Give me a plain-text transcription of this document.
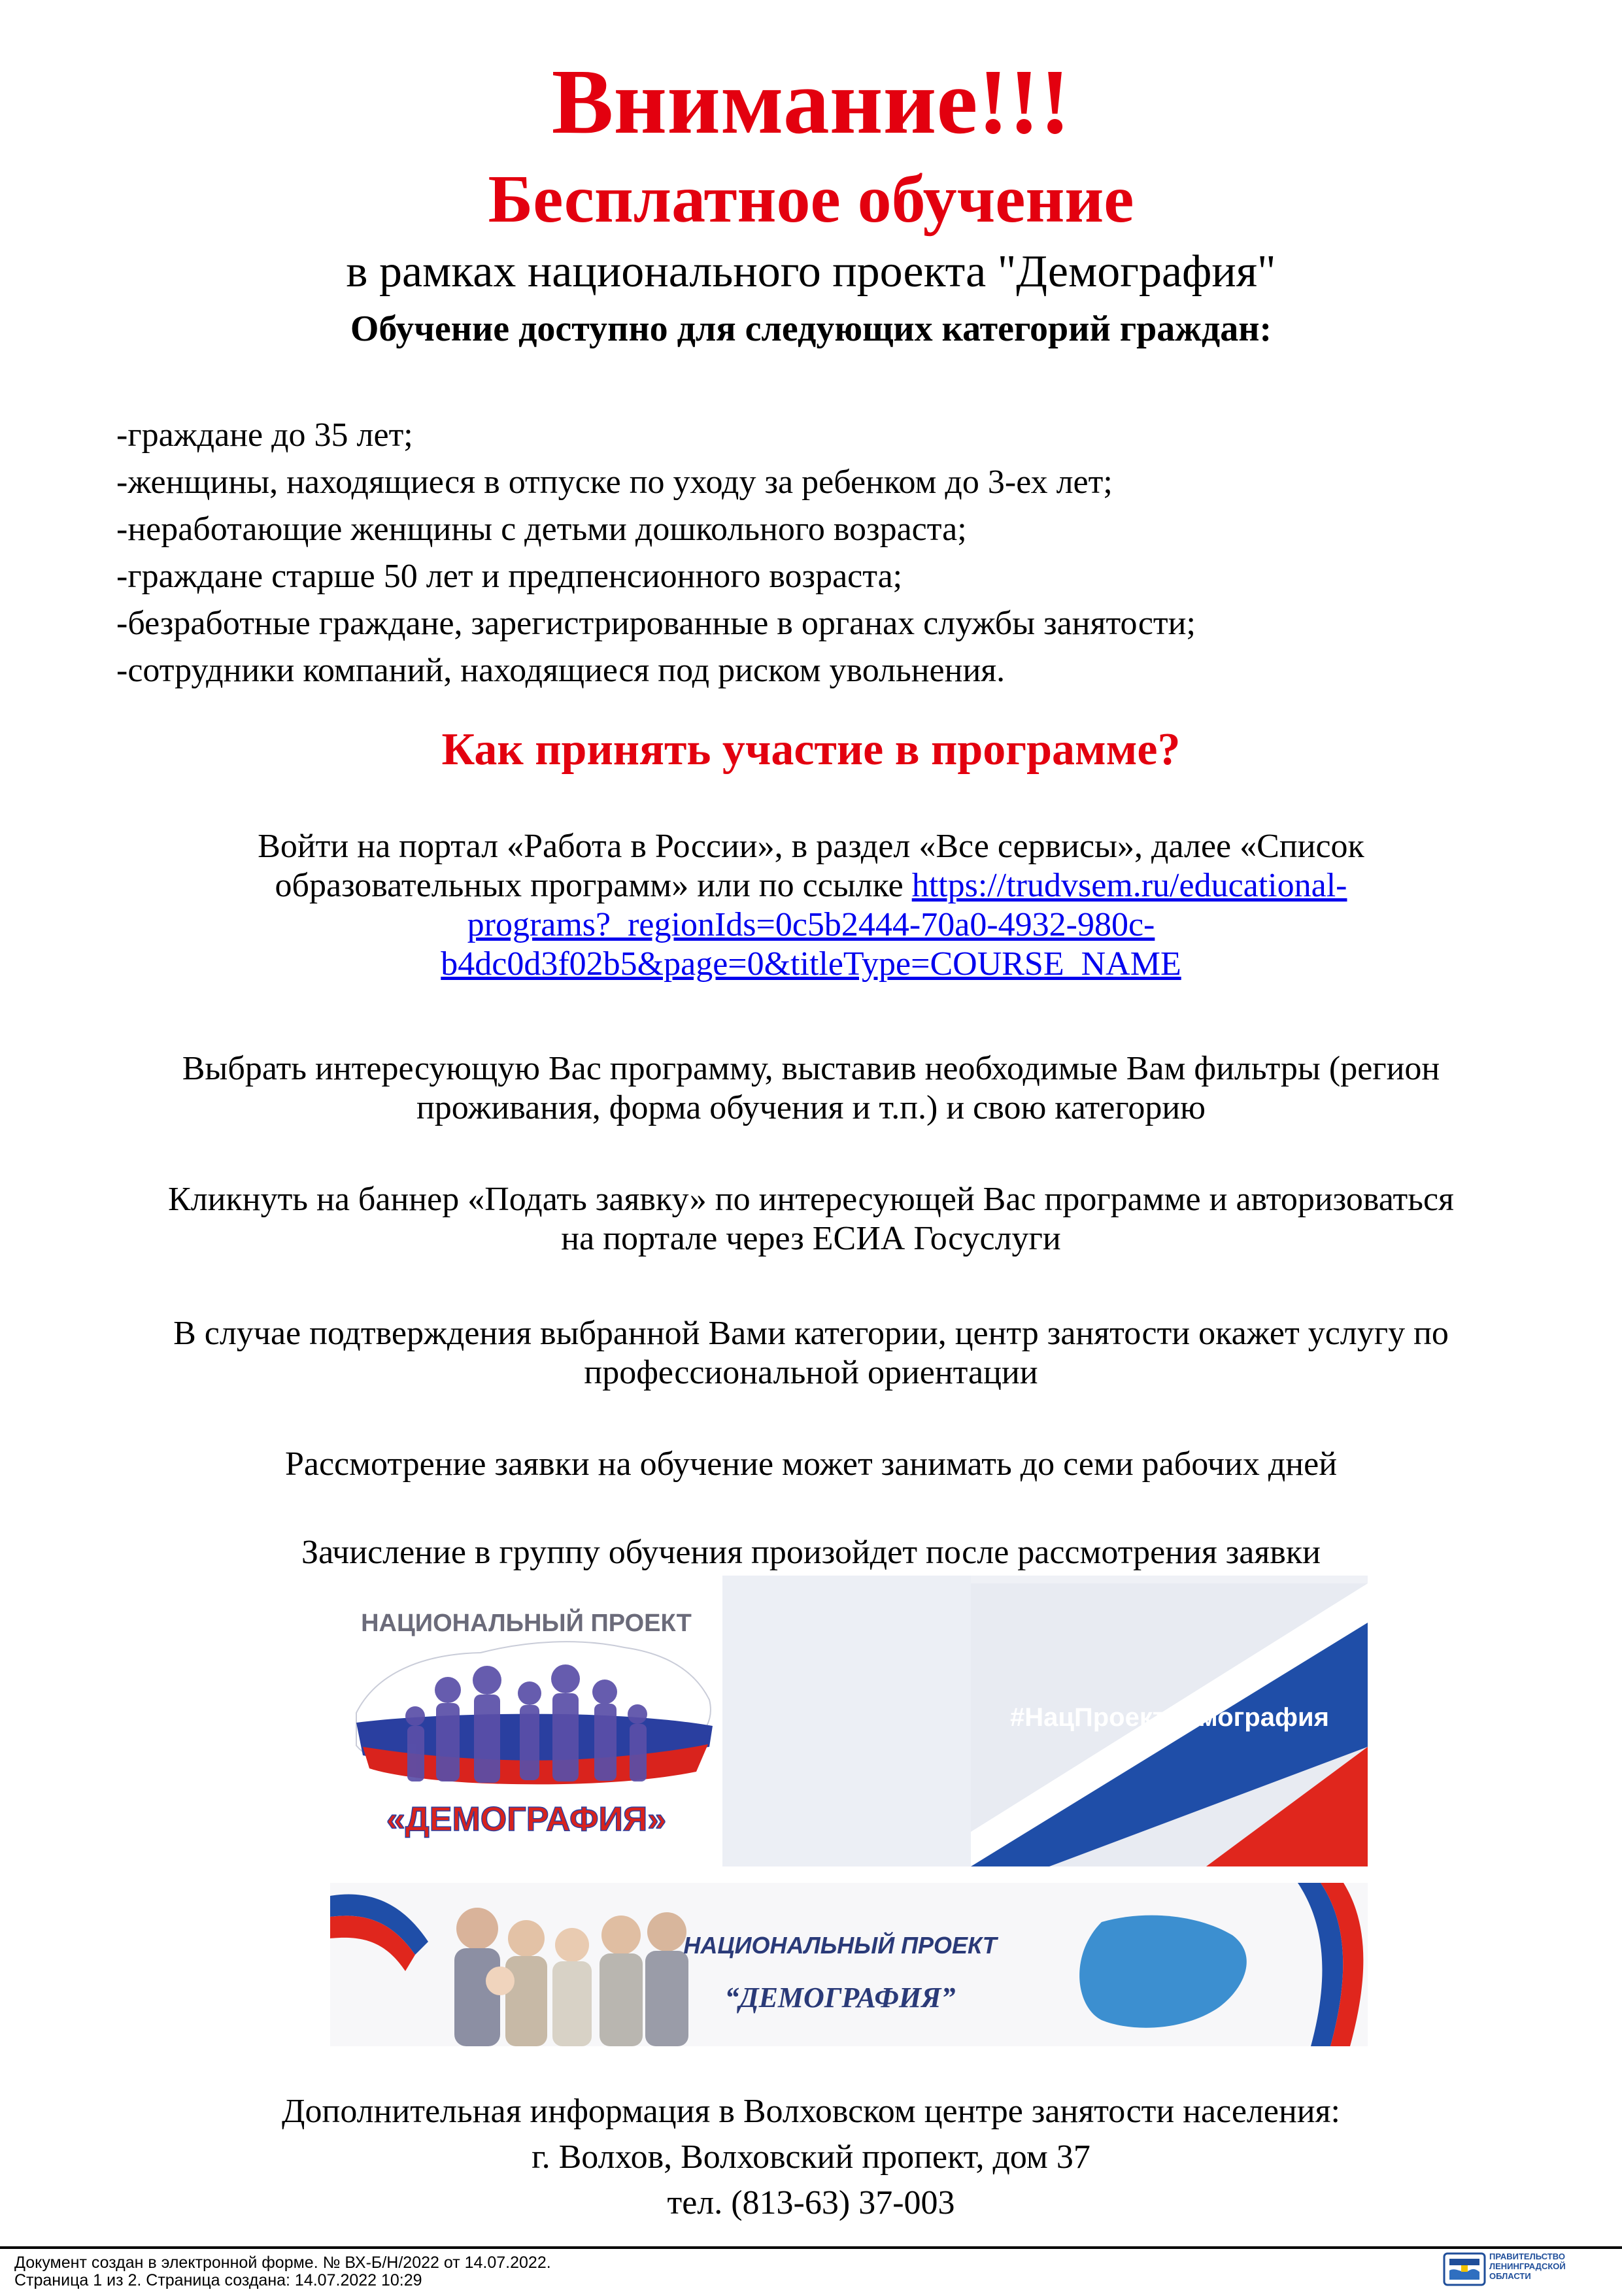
Внимание!!!
Бесплатное обучение
в рамках национального проекта "Демография"
Обучение доступно для следующих категорий граждан:
-граждане до 35 лет;
-женщины, находящиеся в отпуске по уходу за ребенком до 3-ех лет;
-неработающие женщины с детьми дошкольного возраста;
-граждане старше 50 лет и предпенсионного возраста;
-безработные граждане, зарегистрированные в органах службы занятости;
-сотрудники компаний, находящиеся под риском увольнения.
Как принять участие в программе?
Войти на портал «Работа в России», в раздел «Все сервисы», далее «Список
образовательных программ» или по ссылке https://trudvsem.ru/educational-
programs?_regionIds=0c5b2444-70a0-4932-980c-
b4dc0d3f02b5&page=0&titleType=COURSE_NAME
Выбрать интересующую Вас программу, выставив необходимые Вам фильтры (регион
проживания, форма обучения и т.п.) и свою категорию
Кликнуть на баннер «Подать заявку» по интересующей Вас программе и авторизоваться
на портале через ЕСИА Госуслуги
В случае подтверждения выбранной Вами категории, центр занятости окажет услугу по
профессиональной ориентации
Рассмотрение заявки на обучение может занимать до семи рабочих дней
Зачисление в группу обучения произойдет после рассмотрения заявки
НАЦИОНАЛЬНЫЙ ПРОЕКТ
«ДЕМОГРАФИЯ»
#НацПроектДемография
НАЦИОНАЛЬНЫЙ ПРОЕКТ
“ДЕМОГРАФИЯ”
Дополнительная информация в Волховском центре занятости населения:
г. Волхов, Волховский пропект, дом 37
тел. (813-63) 37-003
Документ создан в электронной форме. № ВХ-Б/Н/2022 от 14.07.2022.
Страница 1 из 2. Страница создана: 14.07.2022 10:29
ПРАВИТЕЛЬСТВО
ЛЕНИНГРАДСКОЙ
ОБЛАСТИ
